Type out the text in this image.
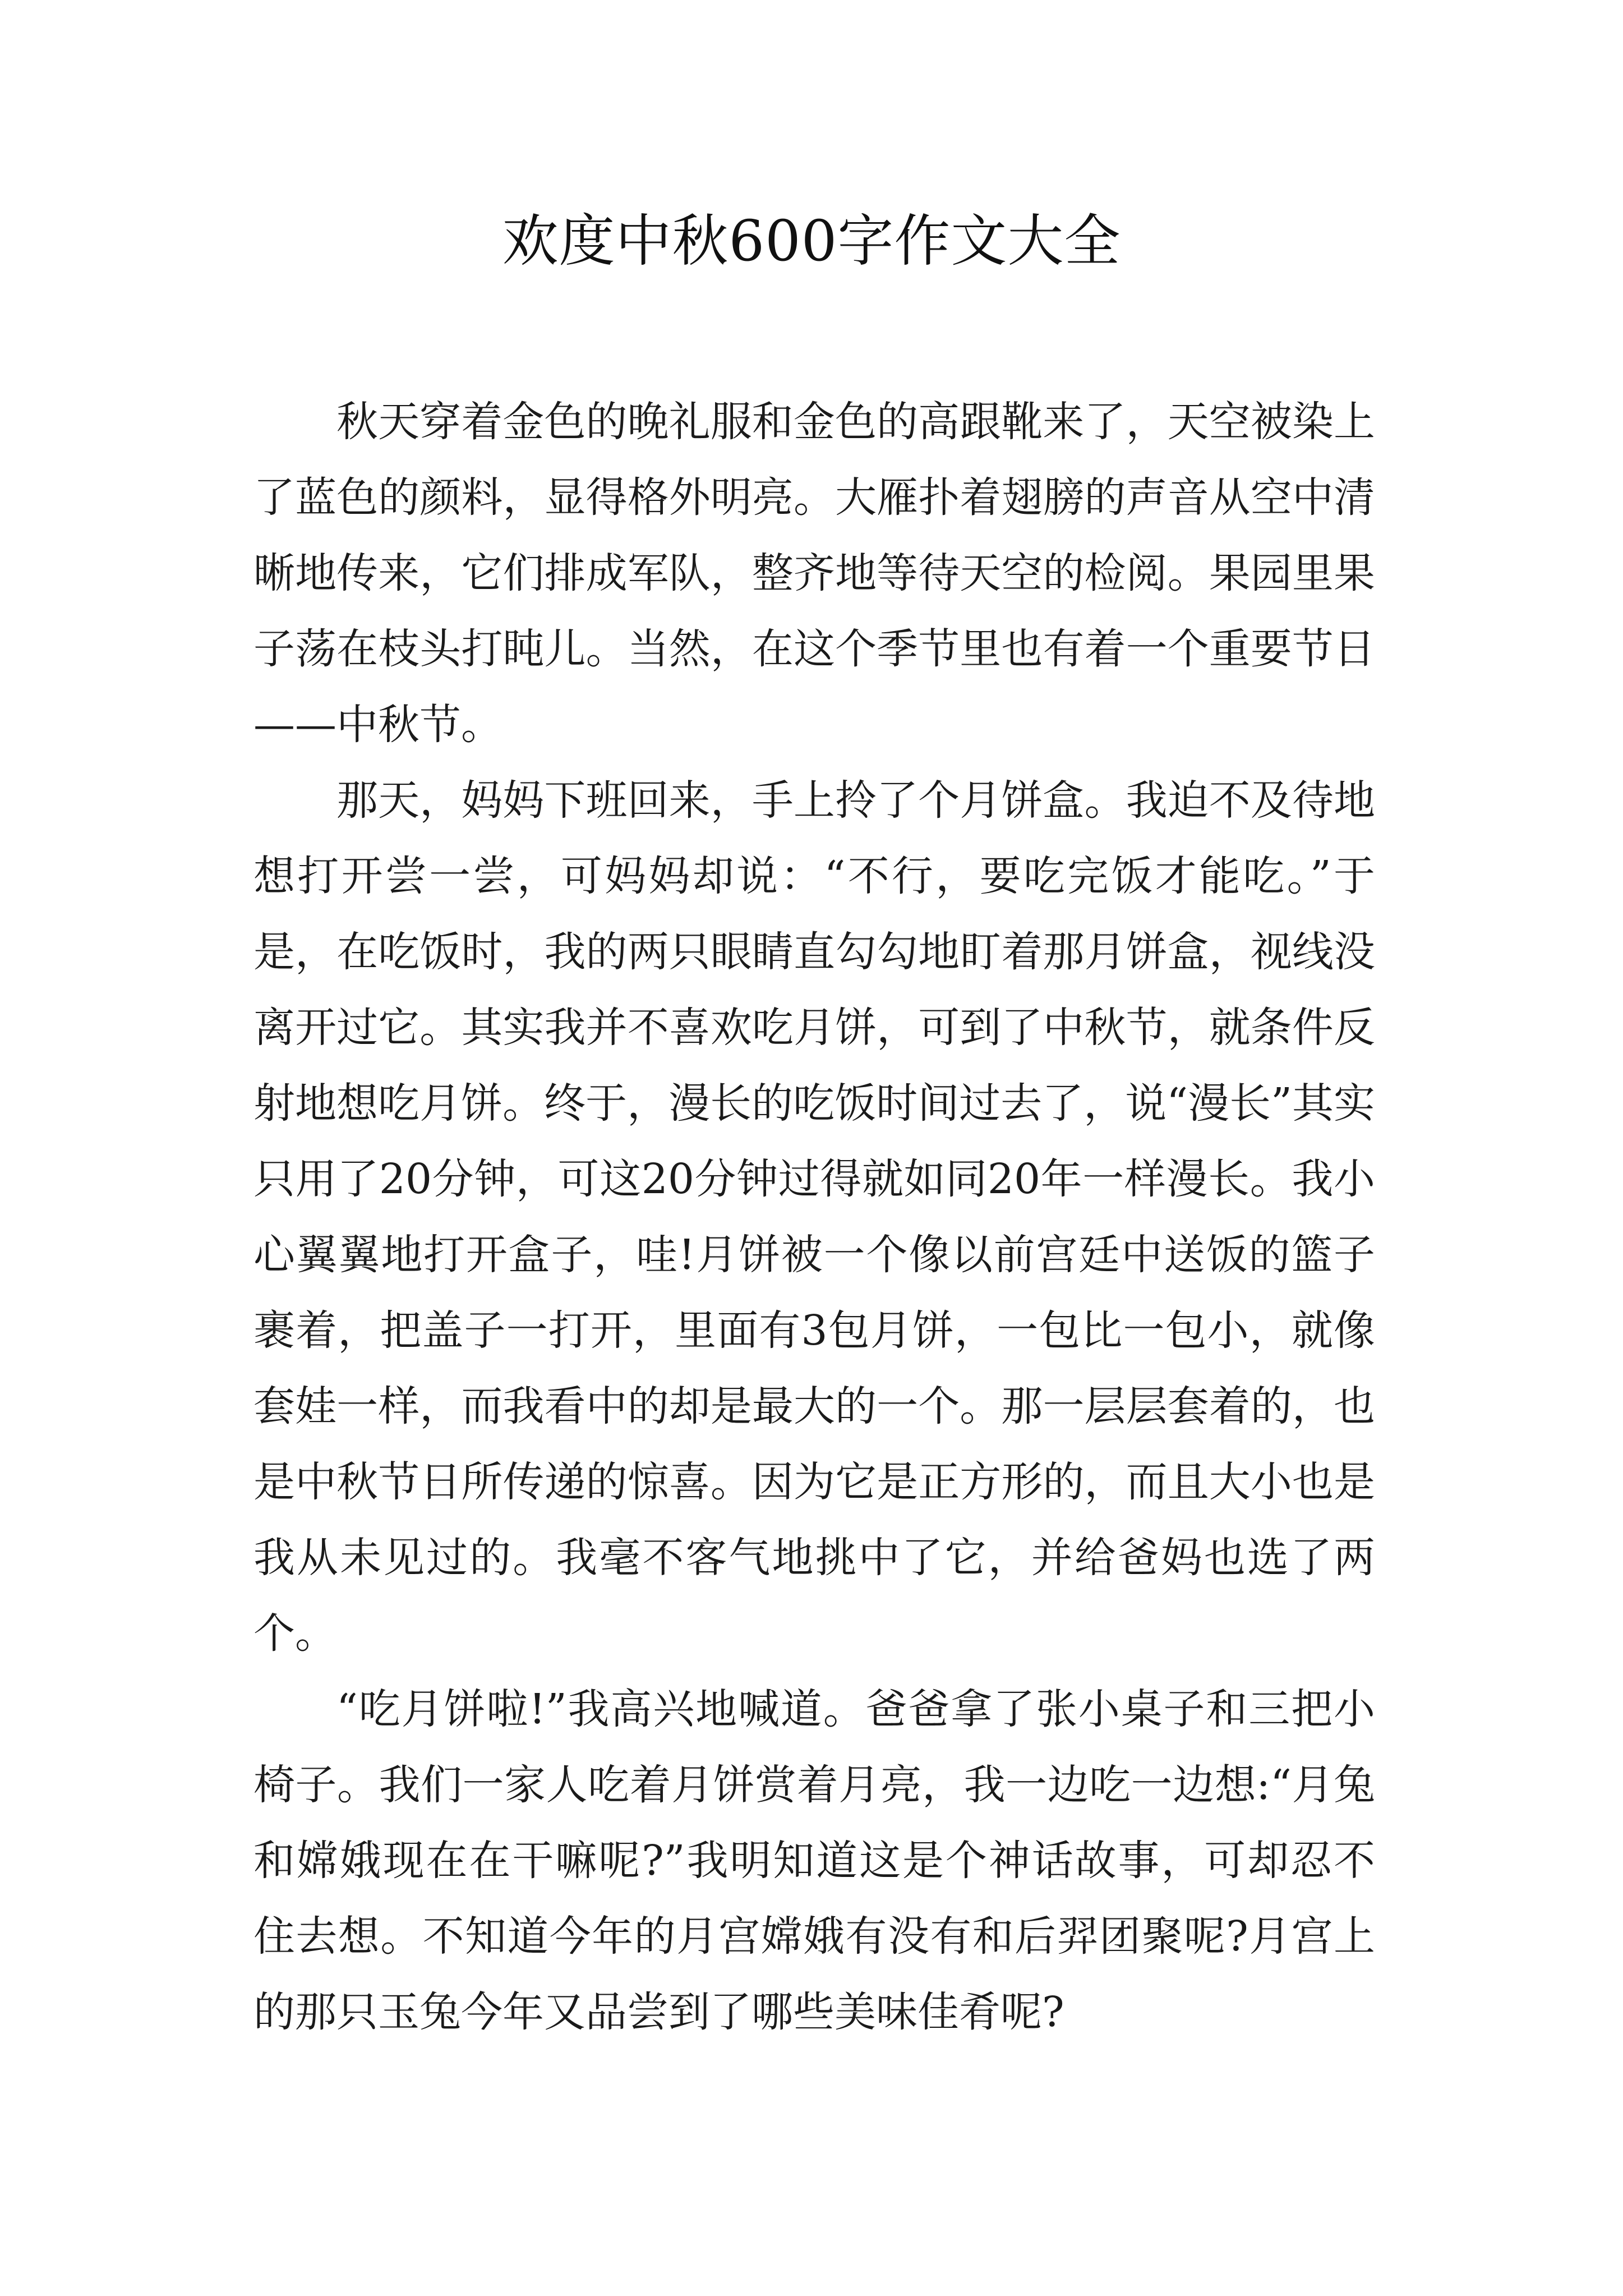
欢度中秋600字作文大全

秋天穿着金色的晚礼服和金色的高跟靴来了，天空被染上了蓝色的颜料，显得格外明亮。大雁扑着翅膀的声音从空中清晰地传来，它们排成军队，整齐地等待天空的检阅。果园里果子荡在枝头打盹儿。当然，在这个季节里也有着一个重要节日——中秋节。

那天，妈妈下班回来，手上拎了个月饼盒。我迫不及待地想打开尝一尝，可妈妈却说：“不行，要吃完饭才能吃。”于是，在吃饭时，我的两只眼睛直勾勾地盯着那月饼盒，视线没离开过它。其实我并不喜欢吃月饼，可到了中秋节，就条件反射地想吃月饼。终于，漫长的吃饭时间过去了，说“漫长”其实只用了20分钟，可这20分钟过得就如同20年一样漫长。我小心翼翼地打开盒子，哇!月饼被一个像以前宫廷中送饭的篮子裹着，把盖子一打开，里面有3包月饼，一包比一包小，就像套娃一样，而我看中的却是最大的一个。那一层层套着的，也是中秋节日所传递的惊喜。因为它是正方形的，而且大小也是我从未见过的。我毫不客气地挑中了它，并给爸妈也选了两个。

“吃月饼啦!”我高兴地喊道。爸爸拿了张小桌子和三把小椅子。我们一家人吃着月饼赏着月亮，我一边吃一边想:“月兔和嫦娥现在在干嘛呢?”我明知道这是个神话故事，可却忍不住去想。不知道今年的月宫嫦娥有没有和后羿团聚呢?月宫上的那只玉兔今年又品尝到了哪些美味佳肴呢?
